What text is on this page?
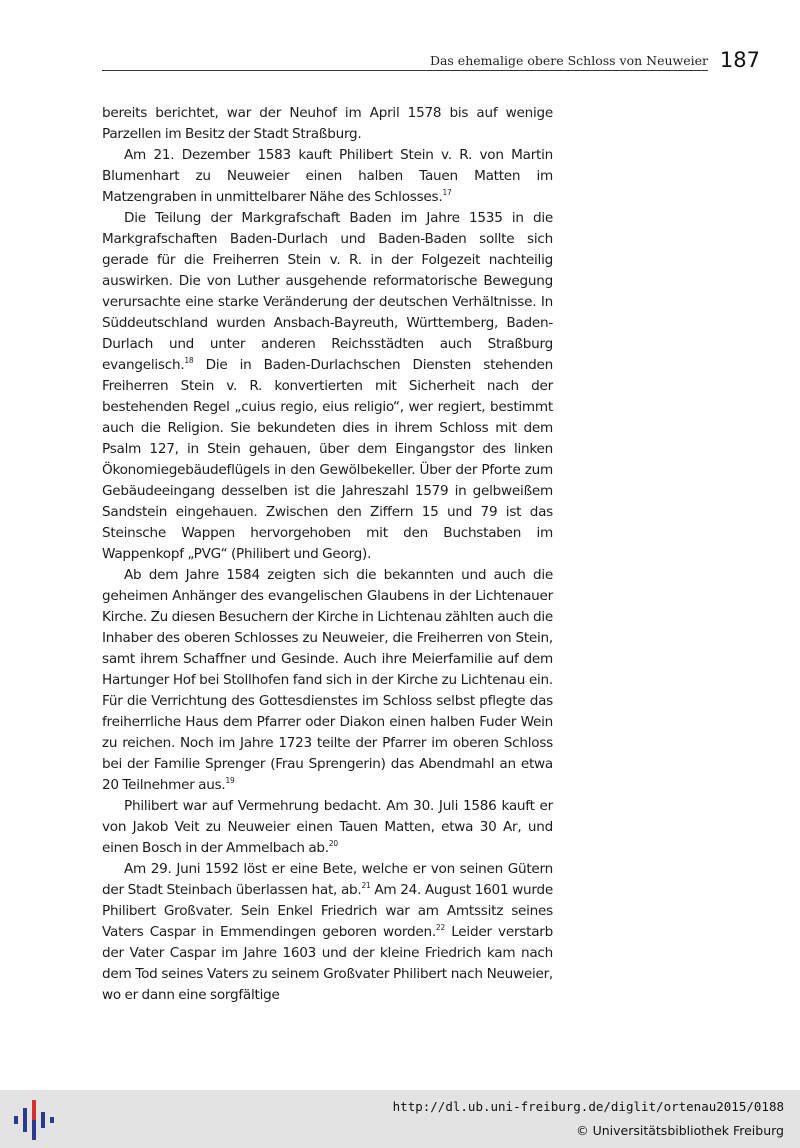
Das ehemalige obere Schloss von Neuweier 187

bereits berichtet, war der Neuhof im April 1578 bis auf wenige Parzellen im Besitz der Stadt Straßburg.

Am 21. Dezember 1583 kauft Philibert Stein v. R. von Martin Blumenhart zu Neuweier einen halben Tauen Matten im Matzengraben in unmittelbarer Nähe des Schlosses.$^{17}$

Die Teilung der Markgrafschaft Baden im Jahre 1535 in die Markgrafschaften Baden-Durlach und Baden-Baden sollte sich gerade für die Freiherren Stein v. R. in der Folgezeit nachteilig auswirken. Die von Luther ausgehende reformatorische Bewegung verursachte eine starke Veränderung der deutschen Verhältnisse. In Süddeutschland wurden Ansbach-Bayreuth, Württemberg, Baden-Durlach und unter anderen Reichsstädten auch Straßburg evangelisch.$^{18}$ Die in Baden-Durlachschen Diensten stehenden Freiherren Stein v. R. konvertierten mit Sicherheit nach der bestehenden Regel „cuius regio, eius religio“, wer regiert, bestimmt auch die Religion. Sie bekundeten dies in ihrem Schloss mit dem Psalm 127, in Stein gehauen, über dem Eingangstor des linken Ökonomiegebäudeflügels in den Gewölbekeller. Über der Pforte zum Gebäudeeingang desselben ist die Jahreszahl 1579 in gelbweißem Sandstein eingehauen. Zwischen den Ziffern 15 und 79 ist das Steinsche Wappen hervorgehoben mit den Buchstaben im Wappenkopf „PVG“ (Philibert und Georg).

Ab dem Jahre 1584 zeigten sich die bekannten und auch die geheimen Anhänger des evangelischen Glaubens in der Lichtenauer Kirche. Zu diesen Besuchern der Kirche in Lichtenau zählten auch die Inhaber des oberen Schlosses zu Neuweier, die Freiherren von Stein, samt ihrem Schaffner und Gesinde. Auch ihre Meierfamilie auf dem Hartunger Hof bei Stollhofen fand sich in der Kirche zu Lichtenau ein. Für die Verrichtung des Gottesdienstes im Schloss selbst pflegte das freiherrliche Haus dem Pfarrer oder Diakon einen halben Fuder Wein zu reichen. Noch im Jahre 1723 teilte der Pfarrer im oberen Schloss bei der Familie Sprenger (Frau Sprengerin) das Abendmahl an etwa 20 Teilnehmer aus.$^{19}$

Philibert war auf Vermehrung bedacht. Am 30. Juli 1586 kauft er von Jakob Veit zu Neuweier einen Tauen Matten, etwa 30 Ar, und einen Bosch in der Ammelbach ab.$^{20}$

Am 29. Juni 1592 löst er eine Bete, welche er von seinen Gütern der Stadt Steinbach überlassen hat, ab.$^{21}$ Am 24. August 1601 wurde Philibert Großvater. Sein Enkel Friedrich war am Amtssitz seines Vaters Caspar in Emmendingen geboren worden.$^{22}$ Leider verstarb der Vater Caspar im Jahre 1603 und der kleine Friedrich kam nach dem Tod seines Vaters zu seinem Großvater Philibert nach Neuweier, wo er dann eine sorgfältige

http://dl.ub.uni-freiburg.de/diglit/ortenau2015/0188
© Universitätsbibliothek Freiburg
